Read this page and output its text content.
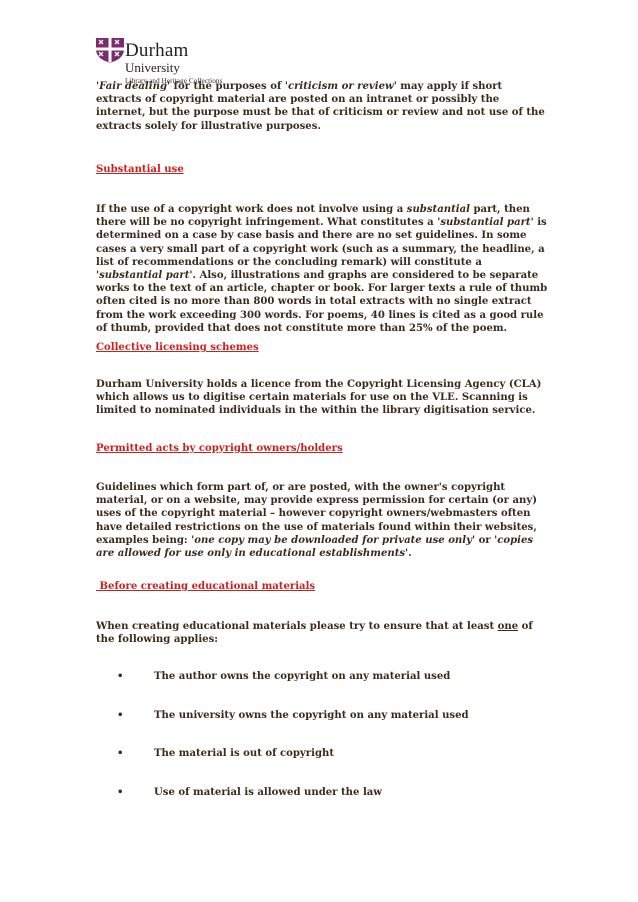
Durham
University
Library and Heritage Collections

'Fair dealing' for the purposes of 'criticism or review' may apply if short extracts of copyright material are posted on an intranet or possibly the internet, but the purpose must be that of criticism or review and not use of the extracts solely for illustrative purposes.

Substantial use

If the use of a copyright work does not involve using a substantial part, then there will be no copyright infringement. What constitutes a 'substantial part' is determined on a case by case basis and there are no set guidelines. In some cases a very small part of a copyright work (such as a summary, the headline, a list of recommendations or the concluding remark) will constitute a 'substantial part'. Also, illustrations and graphs are considered to be separate works to the text of an article, chapter or book. For larger texts a rule of thumb often cited is no more than 800 words in total extracts with no single extract from the work exceeding 300 words. For poems, 40 lines is cited as a good rule of thumb, provided that does not constitute more than 25% of the poem.

Collective licensing schemes

Durham University holds a licence from the Copyright Licensing Agency (CLA) which allows us to digitise certain materials for use on the VLE. Scanning is limited to nominated individuals in the within the library digitisation service.

Permitted acts by copyright owners/holders

Guidelines which form part of, or are posted, with the owner's copyright material, or on a website, may provide express permission for certain (or any) uses of the copyright material – however copyright owners/webmasters often have detailed restrictions on the use of materials found within their websites, examples being: 'one copy may be downloaded for private use only' or 'copies are allowed for use only in educational establishments'.

Before creating educational materials

When creating educational materials please try to ensure that at least one of the following applies:

•	The author owns the copyright on any material used
•	The university owns the copyright on any material used
•	The material is out of copyright
•	Use of material is allowed under the law
